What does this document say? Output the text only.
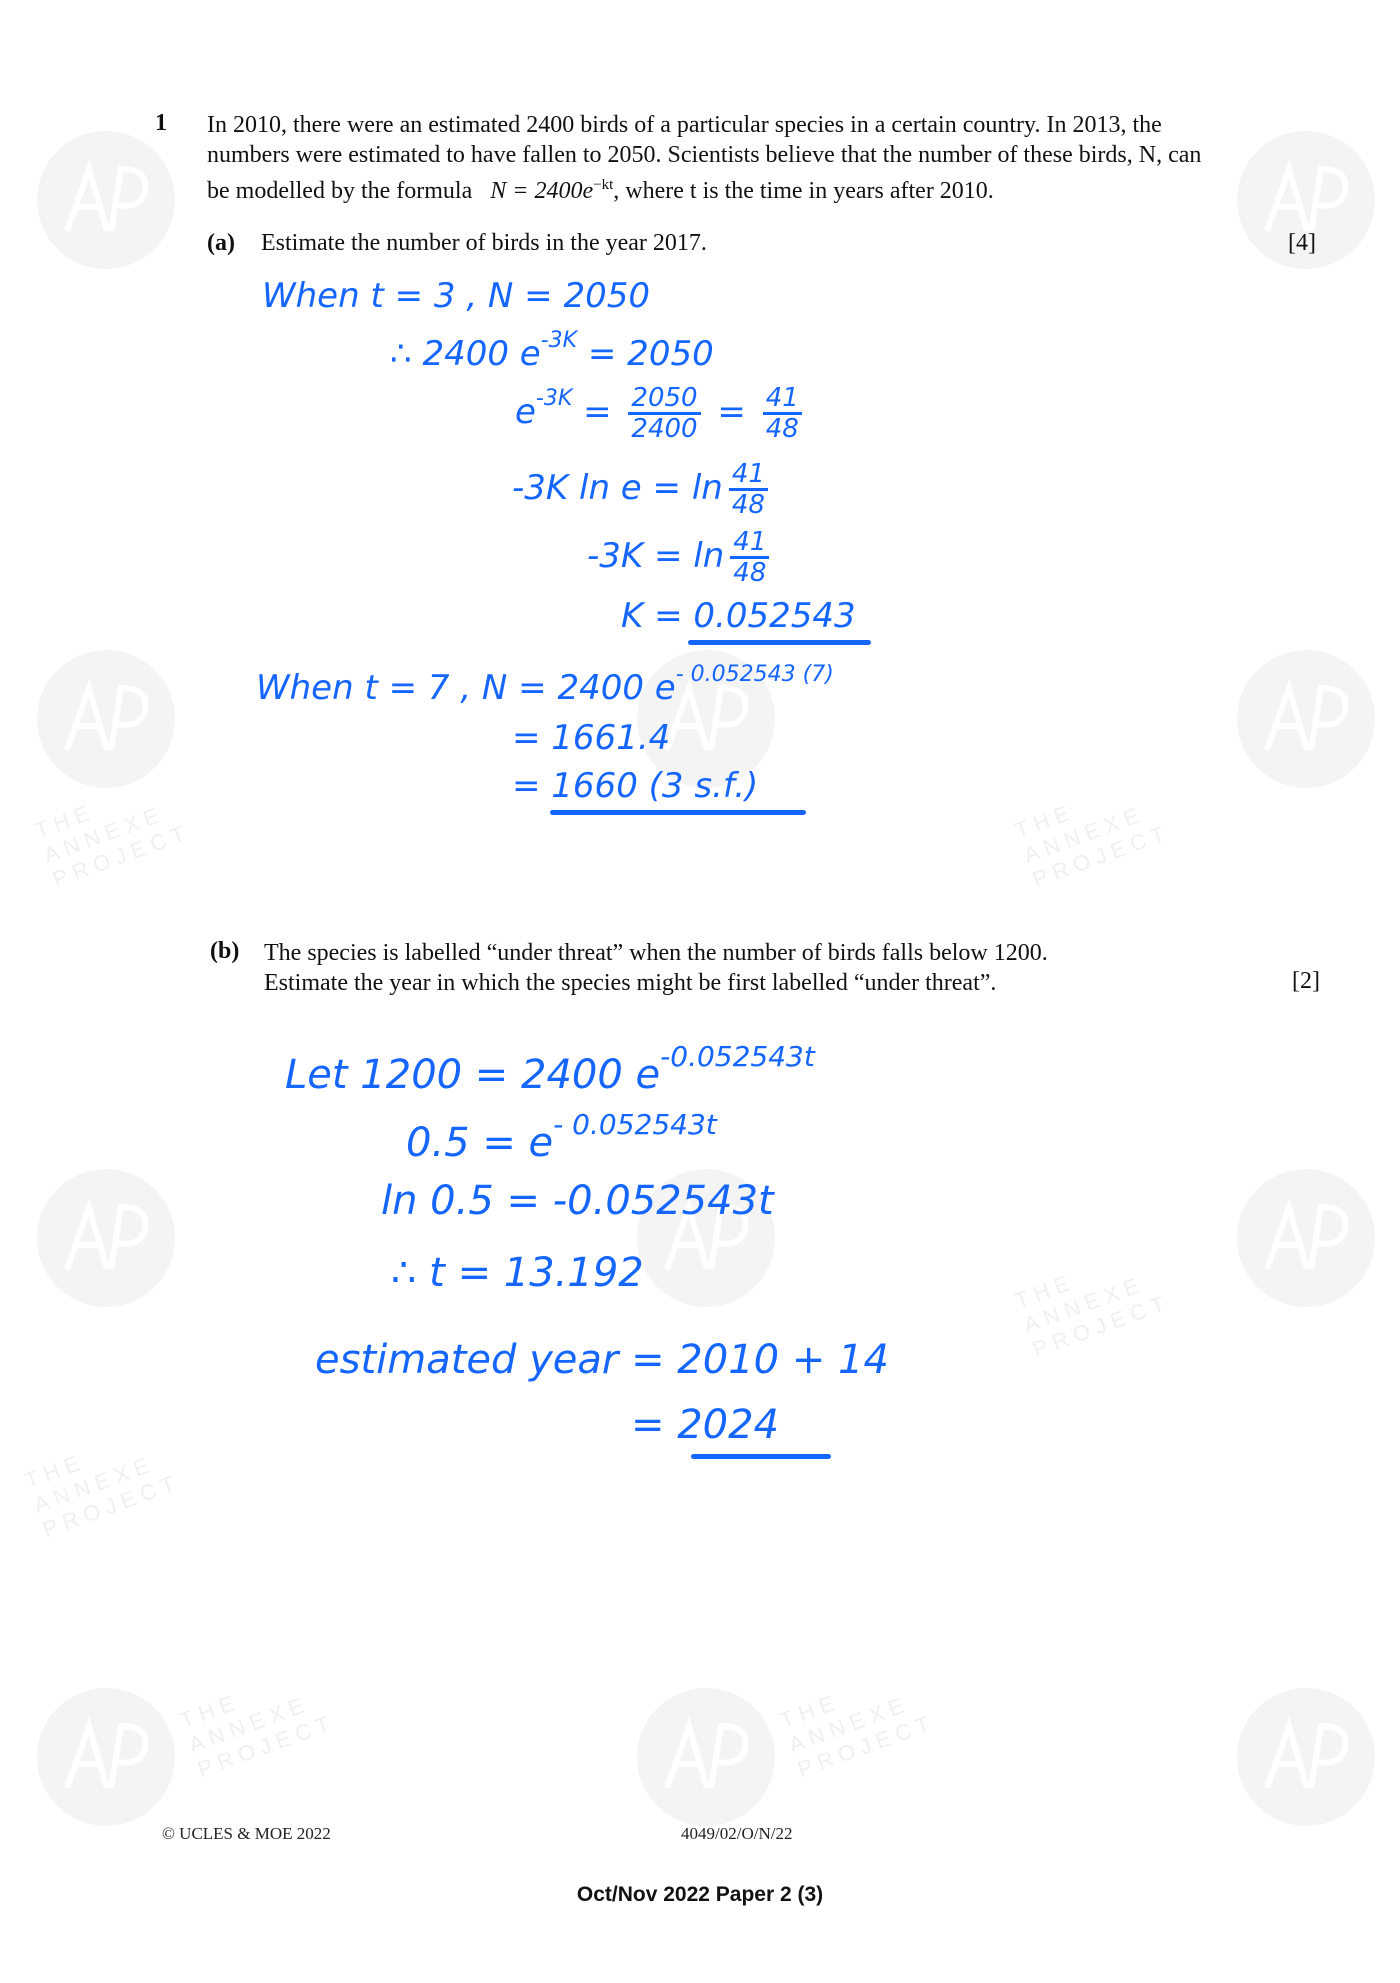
THE ANNEXE PROJECT	THE ANNEXE PROJECT
THE ANNEXE PROJECT
THE ANNEXE PROJECT
THE ANNEXE PROJECT	THE ANNEXE PROJECT
1 In 2010, there were an estimated 2400 birds of a particular species in a certain country. In 2013, the
numbers were estimated to have fallen to 2050. Scientists believe that the number of these birds, N, can
be modelled by the formula $N = 2400e^{-kt}$, where t is the time in years after 2010.
(a) Estimate the number of birds in the year 2017.	[4]
When t = 3 , N = 2050
∴ 2400 $e^{-3K} = 2050$
$e^{-3K} = \frac{2050}{2400} = \frac{41}{48}$
-3K $\ln e = \ln \frac{41}{48}$
$-3K = \ln \frac{41}{48}$
K = 0.052543
When t = 7 , N = 2400 $e^{- 0.052543 (7)}$
= 1661.4
= 1660 (3 s.f.)
(b) The species is labelled “under threat” when the number of birds falls below 1200.
Estimate the year in which the species might be first labelled “under threat”.	[2]
Let 1200 = 2400 $e^{-0.052543t}$
$0.5 = e^{- 0.052543t}$
ln 0.5 = -0.052543t
∴ t = 13.192
estimated year = 2010 + 14
= 2024
© UCLES & MOE 2022	4049/02/O/N/22
Oct/Nov 2022 Paper 2 (3)
